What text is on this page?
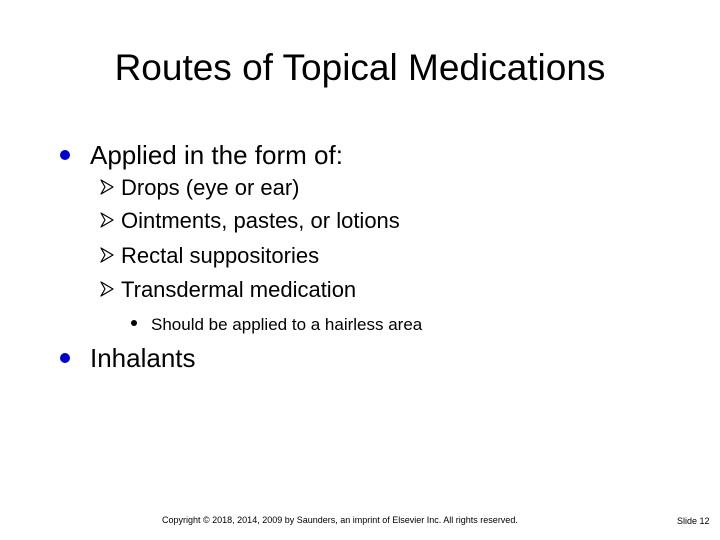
Routes of Topical Medications
Applied in the form of:
Drops (eye or ear)
Ointments, pastes, or lotions
Rectal suppositories
Transdermal medication
Should be applied to a hairless area
Inhalants
Copyright © 2018, 2014, 2009 by Saunders, an imprint of Elsevier Inc. All rights reserved.	Slide 12
